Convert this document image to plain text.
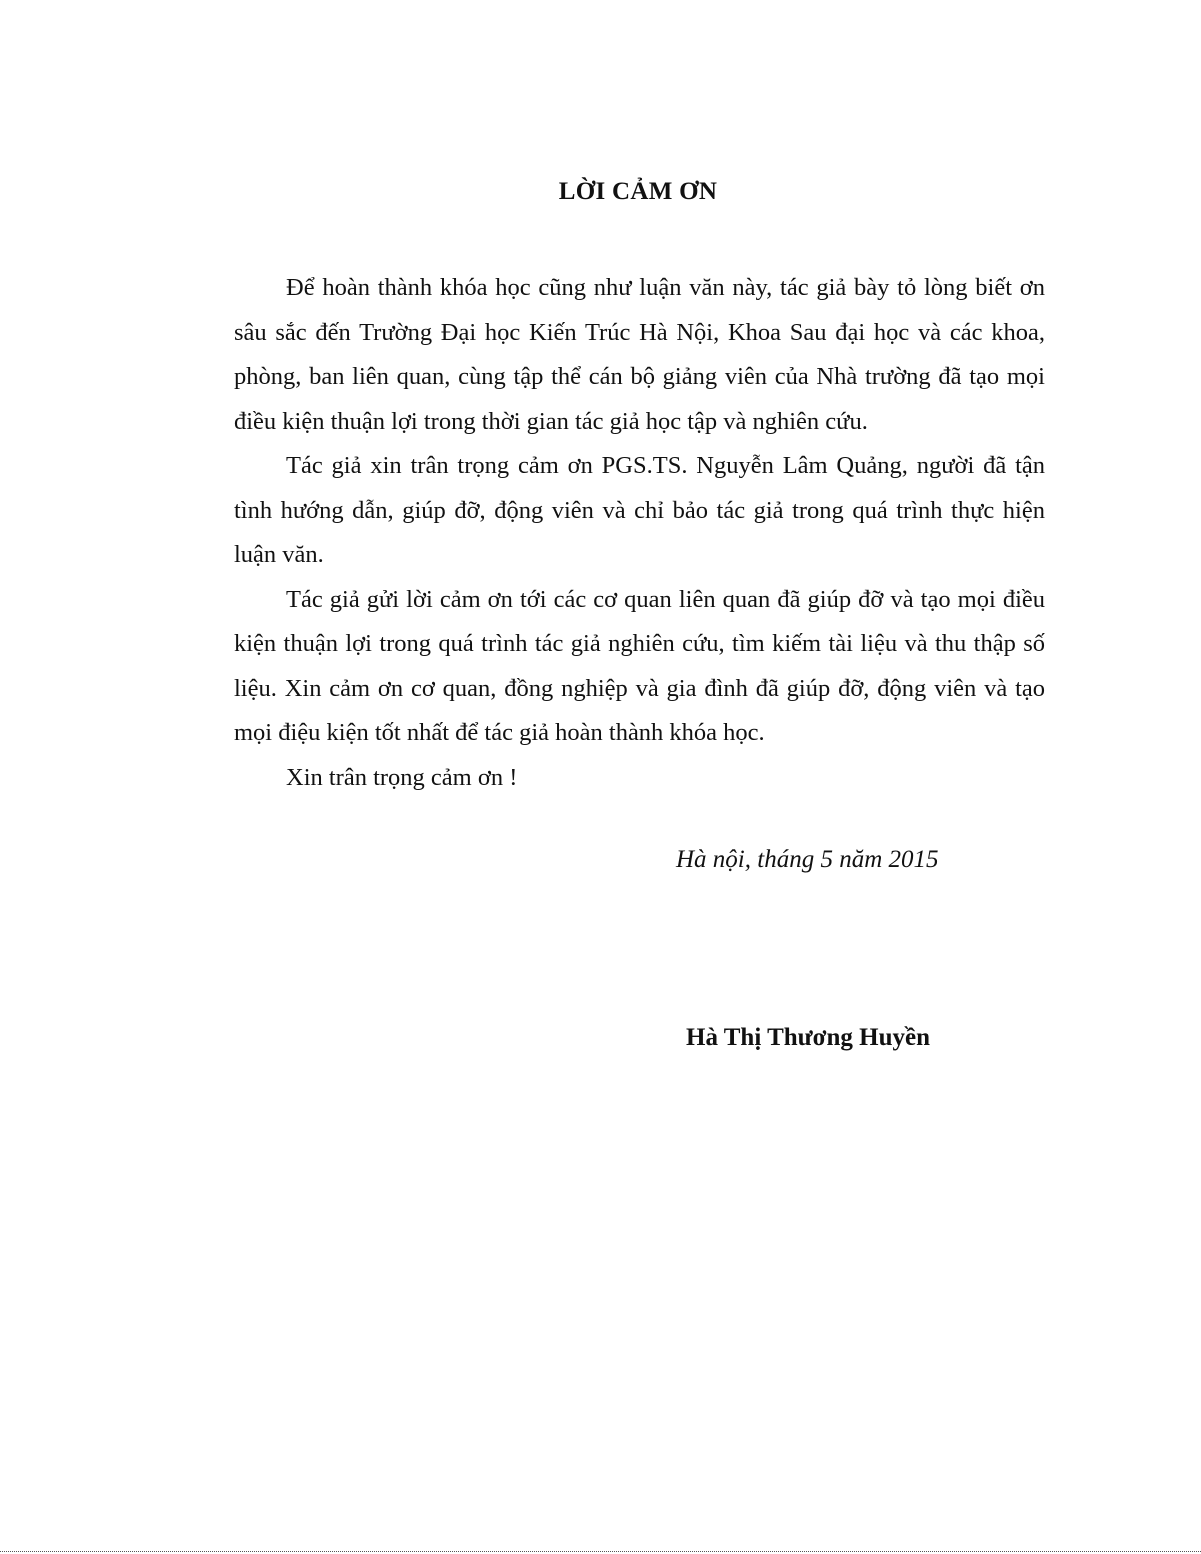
LỜI CẢM ƠN

Để hoàn thành khóa học cũng như luận văn này, tác giả bày tỏ lòng biết ơn sâu sắc đến Trường Đại học Kiến Trúc Hà Nội, Khoa Sau đại học và các khoa, phòng, ban liên quan, cùng tập thể cán bộ giảng viên của Nhà trường đã tạo mọi điều kiện thuận lợi trong thời gian tác giả học tập và nghiên cứu.

Tác giả xin trân trọng cảm ơn PGS.TS. Nguyễn Lâm Quảng, người đã tận tình hướng dẫn, giúp đỡ, động viên và chỉ bảo tác giả trong quá trình thực hiện luận văn.

Tác giả gửi lời cảm ơn tới các cơ quan liên quan đã giúp đỡ và tạo mọi điều kiện thuận lợi trong quá trình tác giả nghiên cứu, tìm kiếm tài liệu và thu thập số liệu. Xin cảm ơn cơ quan, đồng nghiệp và gia đình đã giúp đỡ, động viên và tạo mọi điệu kiện tốt nhất để tác giả hoàn thành khóa học.

Xin trân trọng cảm ơn !

Hà nội, tháng 5 năm 2015

Hà Thị Thương Huyền
